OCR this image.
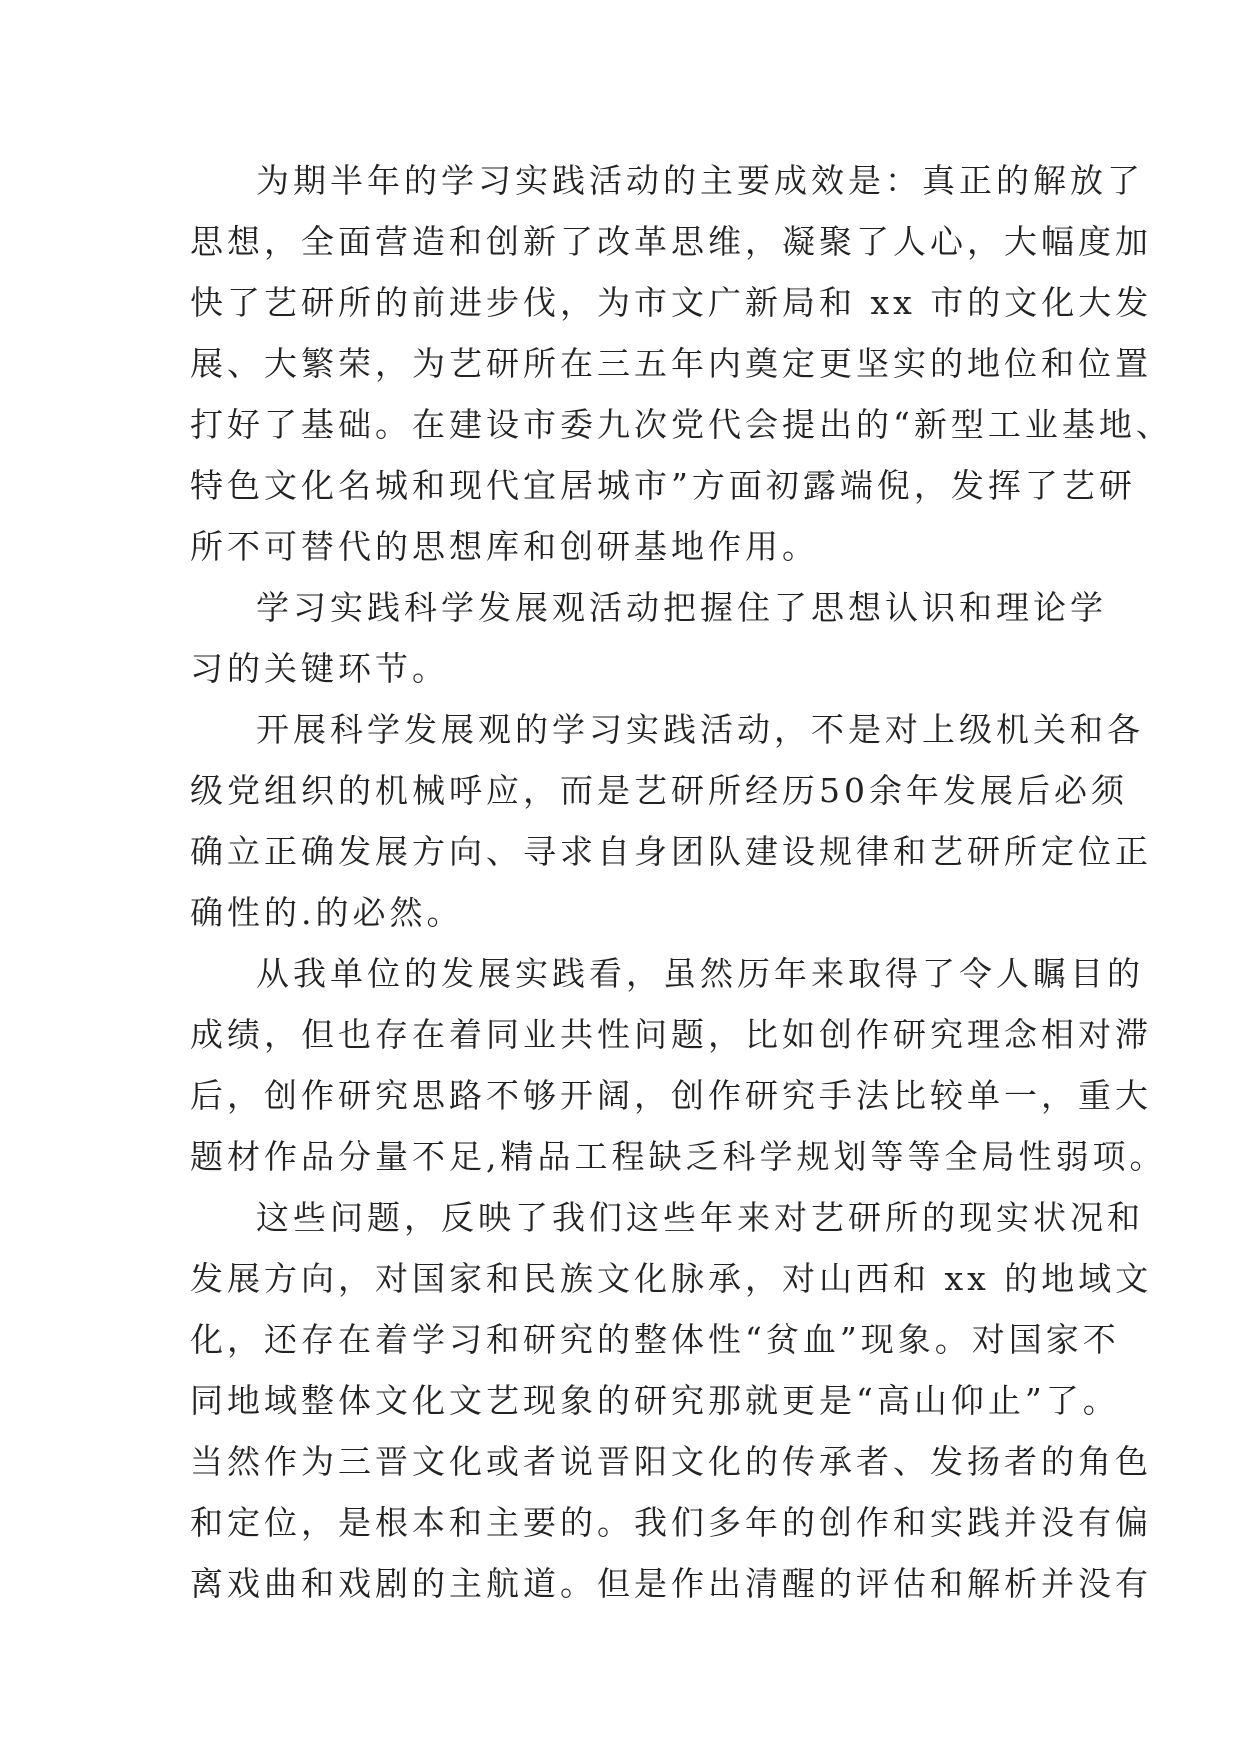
为期半年的学习实践活动的主要成效是：真正的解放了
思想，全面营造和创新了改革思维，凝聚了人心，大幅度加
快了艺研所的前进步伐，为市文广新局和 xx 市的文化大发
展、大繁荣，为艺研所在三五年内奠定更坚实的地位和位置
打好了基础。在建设市委九次党代会提出的“新型工业基地、
特色文化名城和现代宜居城市”方面初露端倪，发挥了艺研
所不可替代的思想库和创研基地作用。
学习实践科学发展观活动把握住了思想认识和理论学
习的关键环节。
开展科学发展观的学习实践活动，不是对上级机关和各
级党组织的机械呼应，而是艺研所经历50余年发展后必须
确立正确发展方向、寻求自身团队建设规律和艺研所定位正
确性的.的必然。
从我单位的发展实践看，虽然历年来取得了令人瞩目的
成绩，但也存在着同业共性问题，比如创作研究理念相对滞
后，创作研究思路不够开阔，创作研究手法比较单一，重大
题材作品分量不足,精品工程缺乏科学规划等等全局性弱项。
这些问题，反映了我们这些年来对艺研所的现实状况和
发展方向，对国家和民族文化脉承，对山西和 xx 的地域文
化，还存在着学习和研究的整体性“贫血”现象。对国家不
同地域整体文化文艺现象的研究那就更是“高山仰止”了。
当然作为三晋文化或者说晋阳文化的传承者、发扬者的角色
和定位，是根本和主要的。我们多年的创作和实践并没有偏
离戏曲和戏剧的主航道。但是作出清醒的评估和解析并没有
